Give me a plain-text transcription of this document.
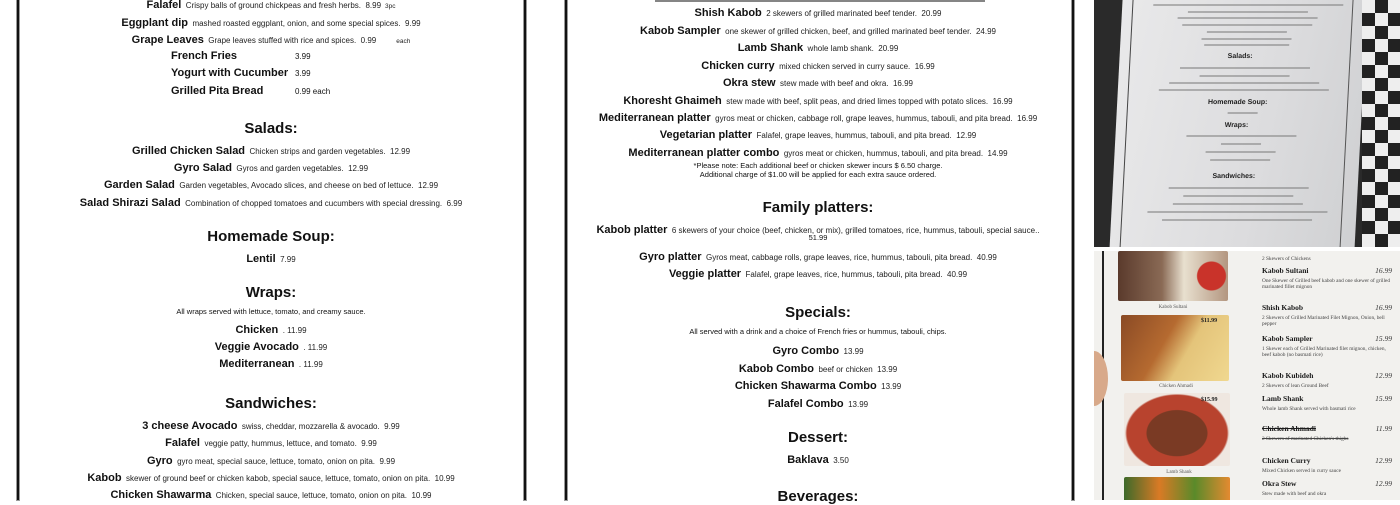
Falafel Crispy balls of ground chickpeas and fresh herbs. 8.99 3pc
Eggplant dip mashed roasted eggplant, onion, and some special spices. 9.99
Grape Leaves Grape leaves stuffed with rice and spices. 0.99	each
French Fries	3.99
Yogurt with Cucumber 3.99
Grilled Pita Bread	0.99 each
Salads:
Grilled Chicken Salad Chicken strips and garden vegetables. 12.99
Gyro Salad Gyros and garden vegetables. 12.99
Garden Salad Garden vegetables, Avocado slices, and cheese on bed of lettuce. 12.99
Salad Shirazi Salad Combination of chopped tomatoes and cucumbers with special dressing. 6.99
Homemade Soup:
Lentil 7.99
Wraps:
All wraps served with lettuce, tomato, and creamy sauce.
Chicken . 11.99
Veggie Avocado . 11.99
Mediterranean . 11.99
Sandwiches:
3 cheese Avocado swiss, cheddar, mozzarella & avocado. 9.99
Falafel veggie patty, hummus, lettuce, and tomato. 9.99
Gyro gyro meat, special sauce, lettuce, tomato, onion on pita. 9.99
Kabob skewer of ground beef or chicken kabob, special sauce, lettuce, tomato, onion on pita. 10.99
Chicken Shawarma Chicken, special sauce, lettuce, tomato, onion on pita. 10.99
Shish Kabob 2 skewers of grilled marinated beef tender. 20.99
Kabob Sampler one skewer of grilled chicken, beef, and grilled marinated beef tender. 24.99
Lamb Shank whole lamb shank. 20.99
Chicken curry mixed chicken served in curry sauce. 16.99
Okra stew stew made with beef and okra. 16.99
Khoresht Ghaimeh stew made with beef, split peas, and dried limes topped with potato slices. 16.99
Mediterranean platter gyros meat or chicken, cabbage roll, grape leaves, hummus, tabouli, and pita bread. 16.99
Vegetarian platter Falafel, grape leaves, hummus, tabouli, and pita bread. 12.99
Mediterranean platter combo gyros meat or chicken, hummus, tabouli, and pita bread. 14.99
*Please note: Each additional beef or chicken skewer incurs $ 6.50 charge.
Additional charge of $1.00 will be applied for each extra sauce ordered.
Family platters:
Kabob platter 6 skewers of your choice (beef, chicken, or mix), grilled tomatoes, rice, hummus, tabouli, special sauce..
51.99
Gyro platter Gyros meat, cabbage rolls, grape leaves, rice, hummus, tabouli, pita bread. 40.99
Veggie platter Falafel, grape leaves, rice, hummus, tabouli, pita bread. 40.99
Specials:
All served with a drink and a choice of French fries or hummus, tabouli, chips.
Gyro Combo 13.99
Kabob Combo beef or chicken 13.99
Chicken Shawarma Combo 13.99
Falafel Combo 13.99
Dessert:
Baklava 3.50
Beverages:
Salads:
Homemade Soup:
Wraps:
Sandwiches:
Kabob Sultani
Chicken Ahmadi
Lamb Shank
$11.99
$15.99
2 Skewers of Chickens
Kabob Sultani	16.99
One Skewer of Grilled beef kabob and one skewer of grilled marinated fillet mignon
Shish Kabob	16.99
2 Skewers of Grilled Marinated Filet Mignon, Onion, bell pepper
Kabob Sampler	15.99
1 Skewer each of Grilled Marinated filet mignon, chicken, beef kabob (no basmati rice)
Kabob Kubideh	12.99
2 Skewers of lean Ground Beef
Lamb Shank	15.99
Whole lamb Shank served with basmati rice
Chicken Ahmadi	11.99
2 Skewers of marinated Chicken's thighs
Chicken Curry	12.99
Mixed Chicken served in curry sauce
Okra Stew	12.99
Stew made with beef and okra
